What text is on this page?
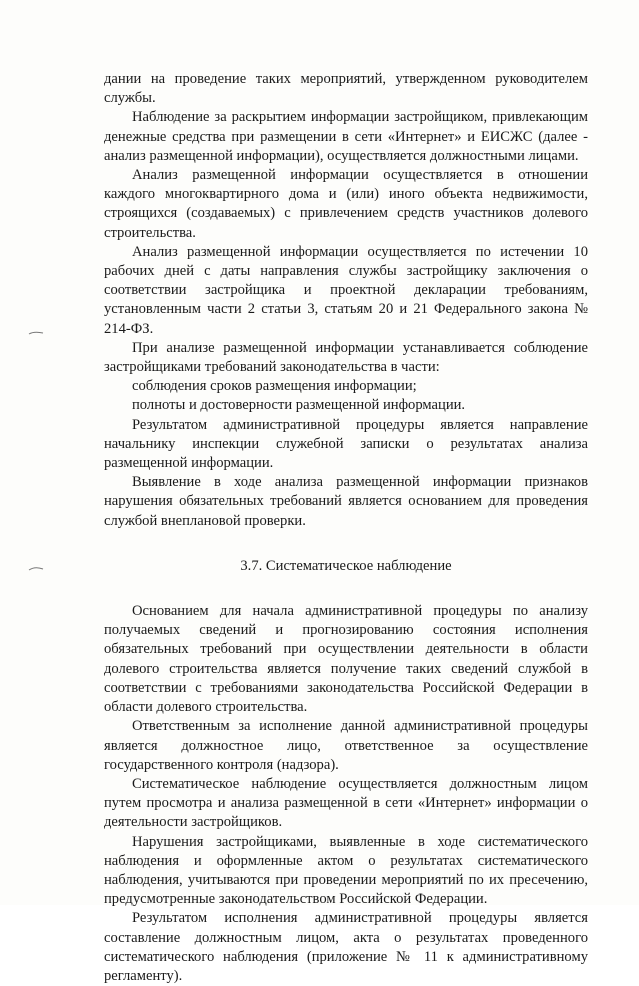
дании на проведение таких мероприятий, утвержденном руководителем службы.

Наблюдение за раскрытием информации застройщиком, привлекающим денежные средства при размещении в сети «Интернет» и ЕИСЖС (далее - анализ размещенной информации), осуществляется должностными лицами.

Анализ размещенной информации осуществляется в отношении каждого многоквартирного дома и (или) иного объекта недвижимости, строящихся (создаваемых) с привлечением средств участников долевого строительства.

Анализ размещенной информации осуществляется по истечении 10 рабочих дней с даты направления службы застройщику заключения о соответствии застройщика и проектной декларации требованиям, установленным части 2 статьи 3, статьям 20 и 21 Федерального закона № 214-ФЗ.

При анализе размещенной информации устанавливается соблюдение застройщиками требований законодательства в части:

соблюдения сроков размещения информации;

полноты и достоверности размещенной информации.

Результатом административной процедуры является направление начальнику инспекции служебной записки о результатах анализа размещенной информации.

Выявление в ходе анализа размещенной информации признаков нарушения обязательных требований является основанием для проведения службой внеплановой проверки.

3.7. Систематическое наблюдение

Основанием для начала административной процедуры по анализу получаемых сведений и прогнозированию состояния исполнения обязательных требований при осуществлении деятельности в области долевого строительства является получение таких сведений службой в соответствии с требованиями законодательства Российской Федерации в области долевого строительства.

Ответственным за исполнение данной административной процедуры является должностное лицо, ответственное за осуществление государственного контроля (надзора).

Систематическое наблюдение осуществляется должностным лицом путем просмотра и анализа размещенной в сети «Интернет» информации о деятельности застройщиков.

Нарушения застройщиками, выявленные в ходе систематического наблюдения и оформленные актом о результатах систематического наблюдения, учитываются при проведении мероприятий по их пресечению, предусмотренные законодательством Российской Федерации.

Результатом исполнения административной процедуры является составление должностным лицом, акта о результатах проведенного систематического наблюдения (приложение № 11 к административному регламенту).
